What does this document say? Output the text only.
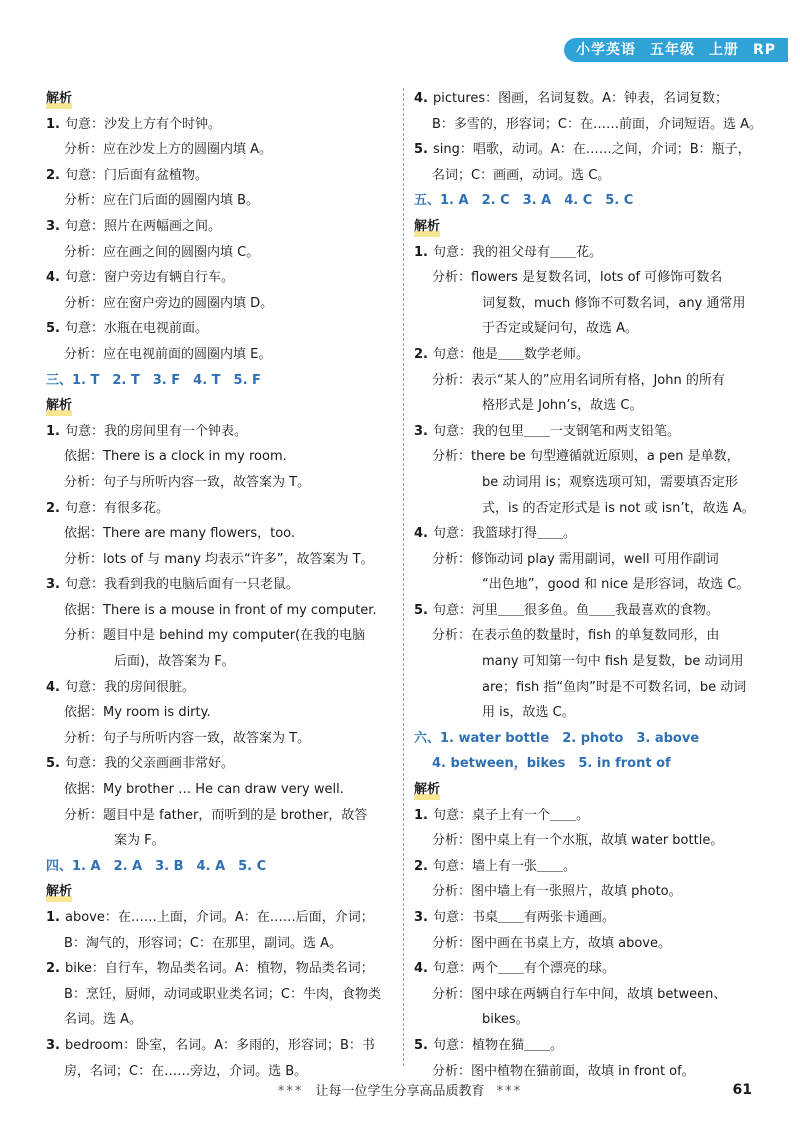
小学英语 五年级 上册 RP
解析
1. 句意：沙发上方有个时钟。
分析：应在沙发上方的圆圈内填 A。
2. 句意：门后面有盆植物。
分析：应在门后面的圆圈内填 B。
3. 句意：照片在两幅画之间。
分析：应在画之间的圆圈内填 C。
4. 句意：窗户旁边有辆自行车。
分析：应在窗户旁边的圆圈内填 D。
5. 句意：水瓶在电视前面。
分析：应在电视前面的圆圈内填 E。
三、1. T　2. T　3. F　4. T　5. F
解析
1. 句意：我的房间里有一个钟表。
依据：There is a clock in my room.
分析：句子与所听内容一致，故答案为 T。
2. 句意：有很多花。
依据：There are many flowers，too.
分析：lots of 与 many 均表示“许多”，故答案为 T。
3. 句意：我看到我的电脑后面有一只老鼠。
依据：There is a mouse in front of my computer.
分析：题目中是 behind my computer(在我的电脑
后面)，故答案为 F。
4. 句意：我的房间很脏。
依据：My room is dirty.
分析：句子与所听内容一致，故答案为 T。
5. 句意：我的父亲画画非常好。
依据：My brother … He can draw very well.
分析：题目中是 father，而听到的是 brother，故答
案为 F。
四、1. A　2. A　3. B　4. A　5. C
解析
1. above：在……上面，介词。A：在……后面，介词；
B：淘气的，形容词；C：在那里，副词。选 A。
2. bike：自行车，物品类名词。A：植物，物品类名词；
B：烹饪，厨师，动词或职业类名词；C：牛肉，食物类
名词。选 A。
3. bedroom：卧室，名词。A：多雨的，形容词；B：书
房，名词；C：在……旁边，介词。选 B。
4. pictures：图画，名词复数。A：钟表，名词复数；
B：多雪的，形容词；C：在……前面，介词短语。选 A。
5. sing：唱歌，动词。A：在……之间，介词；B：瓶子，
名词；C：画画，动词。选 C。
五、1. A　2. C　3. A　4. C　5. C
解析
1. 句意：我的祖父母有＿＿花。
分析：flowers 是复数名词，lots of 可修饰可数名
词复数，much 修饰不可数名词，any 通常用
于否定或疑问句，故选 A。
2. 句意：他是＿＿数学老师。
分析：表示“某人的”应用名词所有格，John 的所有
格形式是 John’s，故选 C。
3. 句意：我的包里＿＿一支钢笔和两支铅笔。
分析：there be 句型遵循就近原则，a pen 是单数，
be 动词用 is；观察选项可知，需要填否定形
式，is 的否定形式是 is not 或 isn’t，故选 A。
4. 句意：我篮球打得＿＿。
分析：修饰动词 play 需用副词，well 可用作副词
“出色地”，good 和 nice 是形容词，故选 C。
5. 句意：河里＿＿很多鱼。鱼＿＿我最喜欢的食物。
分析：在表示鱼的数量时，fish 的单复数同形，由
many 可知第一句中 fish 是复数，be 动词用
are；fish 指“鱼肉”时是不可数名词，be 动词
用 is，故选 C。
六、1. water bottle　2. photo　3. above
4. between，bikes　5. in front of
解析
1. 句意：桌子上有一个＿＿。
分析：图中桌上有一个水瓶，故填 water bottle。
2. 句意：墙上有一张＿＿。
分析：图中墙上有一张照片，故填 photo。
3. 句意：书桌＿＿有两张卡通画。
分析：图中画在书桌上方，故填 above。
4. 句意：两个＿＿有个漂亮的球。
分析：图中球在两辆自行车中间，故填 between、
bikes。
5. 句意：植物在猫＿＿。
分析：图中植物在猫前面，故填 in front of。
*** 让每一位学生分享高品质教育 ***	61
